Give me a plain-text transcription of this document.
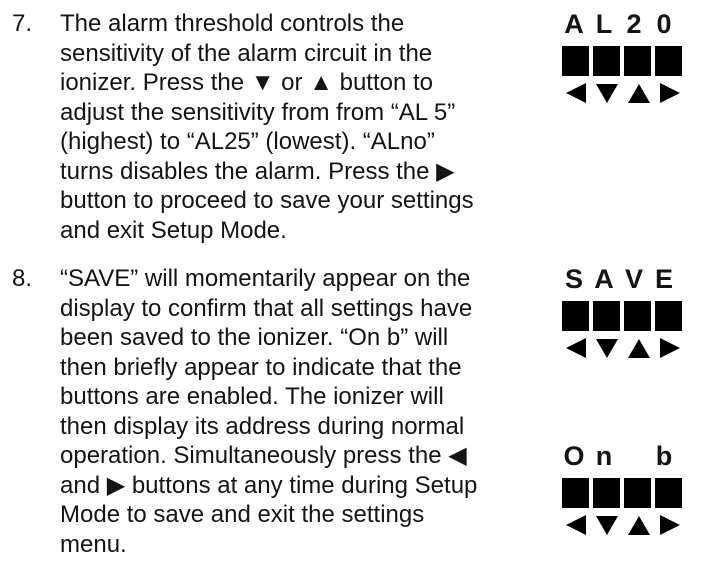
7. The alarm threshold controls the
sensitivity of the alarm circuit in the
ionizer. Press the ▼ or ▲ button to
adjust the sensitivity from from “AL 5”
(highest) to “AL25” (lowest). “ALno”
turns disables the alarm. Press the ▶
button to proceed to save your settings
and exit Setup Mode.
8. “SAVE” will momentarily appear on the
display to confirm that all settings have
been saved to the ionizer. “On b” will
then briefly appear to indicate that the
buttons are enabled. The ionizer will
then display its address during normal
operation. Simultaneously press the ◀
and ▶ buttons at any time during Setup
Mode to save and exit the settings
menu.
A L 2 0
S A V E
O n b
